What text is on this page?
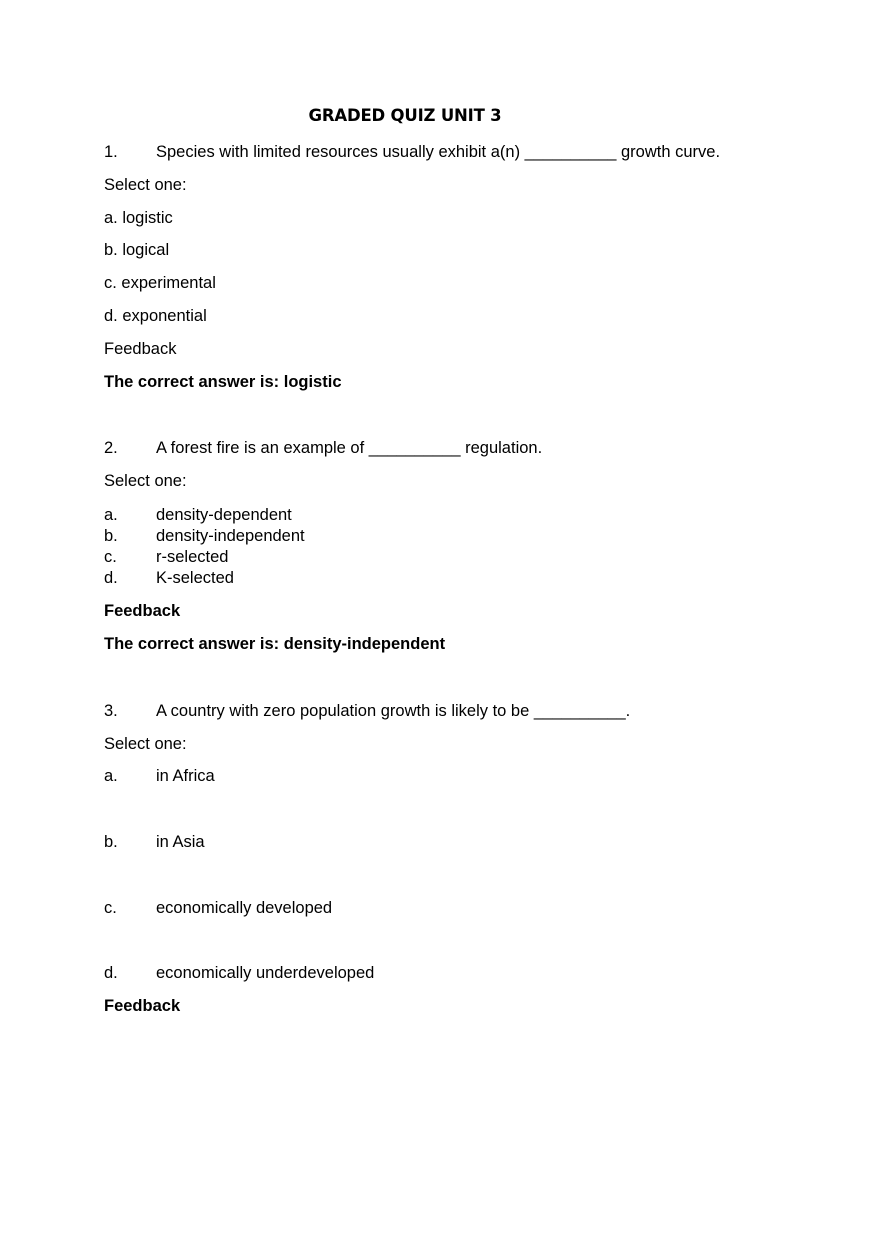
GRADED QUIZ UNIT 3
1. Species with limited resources usually exhibit a(n) __________ growth curve.
Select one:
a. logistic
b. logical
c. experimental
d. exponential
Feedback
The correct answer is: logistic
2. A forest fire is an example of __________ regulation.
Select one:
a. density-dependent
b. density-independent
c. r-selected
d. K-selected
Feedback
The correct answer is: density-independent
3. A country with zero population growth is likely to be __________.
Select one:
a. in Africa
b. in Asia
c. economically developed
d. economically underdeveloped
Feedback
